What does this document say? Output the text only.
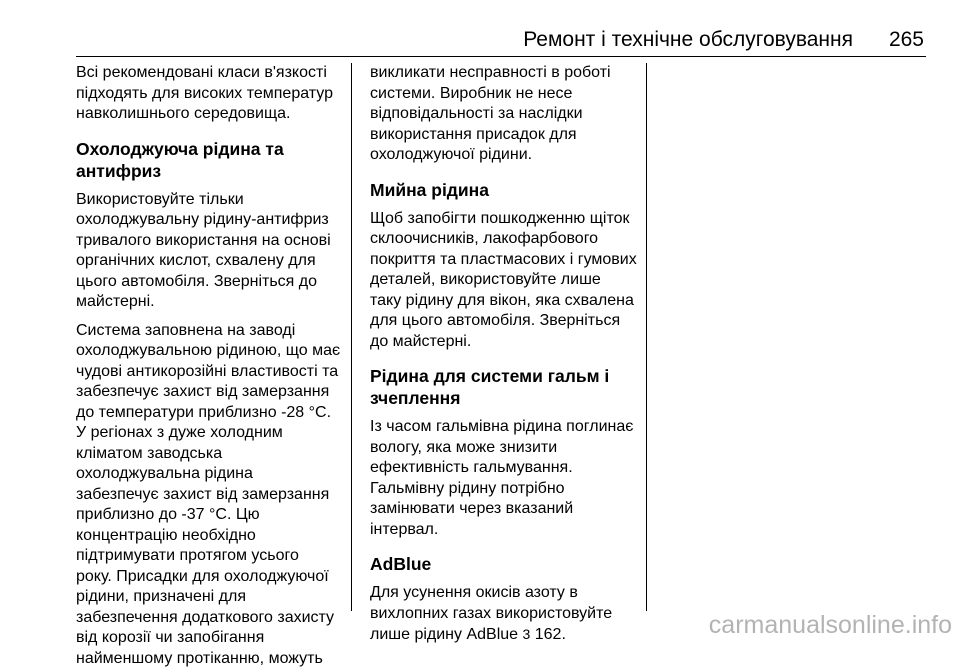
Ремонт і технічне обслуговування 265

Всі рекомендовані класи в'язкості
підходять для високих температур
навколишнього середовища.

Охолоджуюча рідина та
антифриз

Використовуйте тільки
охолоджувальну рідину-антифриз
тривалого використання на основі
органічних кислот, схвалену для
цього автомобіля. Зверніться до
майстерні.

Система заповнена на заводі
охолоджувальною рідиною, що має
чудові антикорозійні властивості та
забезпечує захист від замерзання
до температури приблизно -28 °C.
У регіонах з дуже холодним
кліматом заводська
охолоджувальна рідина
забезпечує захист від замерзання
приблизно до -37 °C. Цю
концентрацію необхідно
підтримувати протягом усього
року. Присадки для охолоджуючої
рідини, призначені для
забезпечення додаткового захисту
від корозії чи запобігання
найменшому протіканню, можуть

викликати несправності в роботі
системи. Виробник не несе
відповідальності за наслідки
використання присадок для
охолоджуючої рідини.

Мийна рідина

Щоб запобігти пошкодженню щіток
склоочисників, лакофарбового
покриття та пластмасових і гумових
деталей, використовуйте лише
таку рідину для вікон, яка схвалена
для цього автомобіля. Зверніться
до майстерні.

Рідина для системи гальм і
зчеплення

Із часом гальмівна рідина поглинає
вологу, яка може знизити
ефективність гальмування.
Гальмівну рідину потрібно
замінювати через вказаний
інтервал.

AdBlue

Для усунення окисів азоту в
вихлопних газах використовуйте
лише рідину AdBlue 3 162.	carmanualsonline.info
